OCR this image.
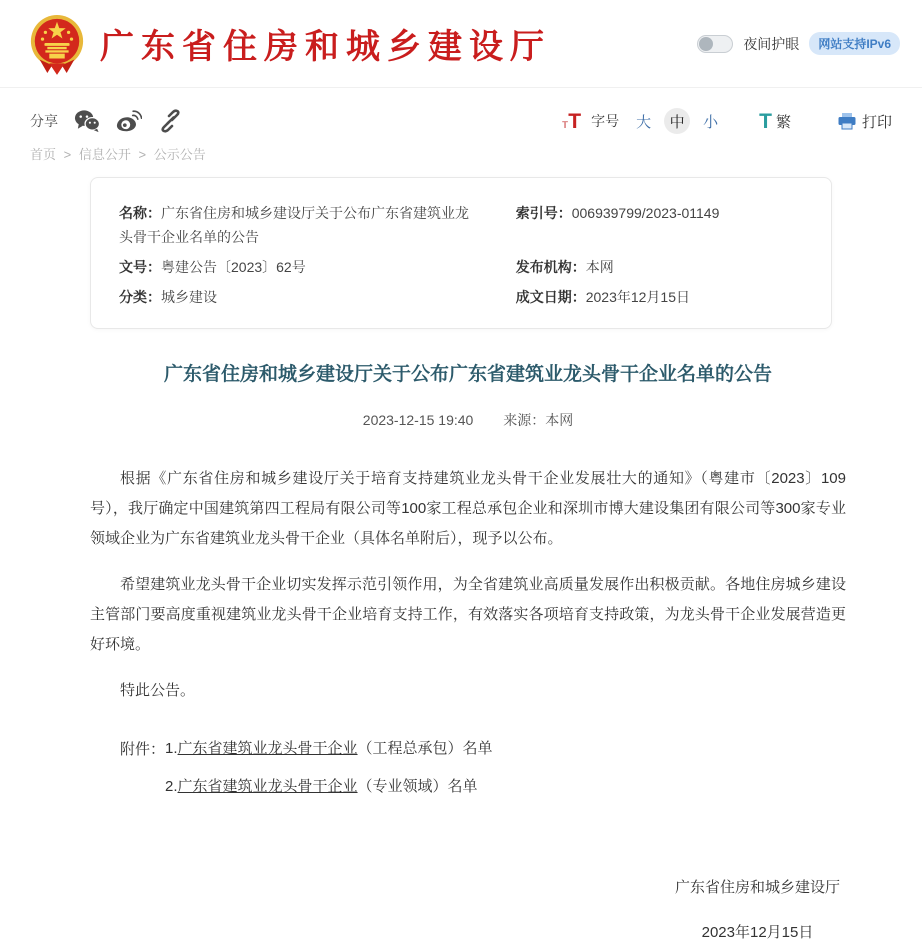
广东省住房和城乡建设厅	夜间护眼	网站支持IPv6
分享	тT 字号 大	中	小 T 繁	打印
首页 > 信息公开 > 公示公告
名称：广东省住房和城乡建设厅关于公布广东省建筑业龙头骨干企业名单的公告
索引号：006939799/2023-01149
文号：粤建公告〔2023〕62号	发布机构：本网
分类：城乡建设	成文日期：2023年12月15日
广东省住房和城乡建设厅关于公布广东省建筑业龙头骨干企业名单的公告
2023-12-15 19:40 来源：本网

根据《广东省住房和城乡建设厅关于培育支持建筑业龙头骨干企业发展壮大的通知》（粤建市〔2023〕109号），我厅确定中国建筑第四工程局有限公司等100家工程总承包企业和深圳市博大建设集团有限公司等300家专业领域企业为广东省建筑业龙头骨干企业（具体名单附后），现予以公布。

希望建筑业龙头骨干企业切实发挥示范引领作用，为全省建筑业高质量发展作出积极贡献。各地住房城乡建设主管部门要高度重视建筑业龙头骨干企业培育支持工作，有效落实各项培育支持政策，为龙头骨干企业发展营造更好环境。

特此公告。

附件： 1.广东省建筑业龙头骨干企业（工程总承包）名单
2.广东省建筑业龙头骨干企业（专业领域）名单
广东省住房和城乡建设厅
2023年12月15日
